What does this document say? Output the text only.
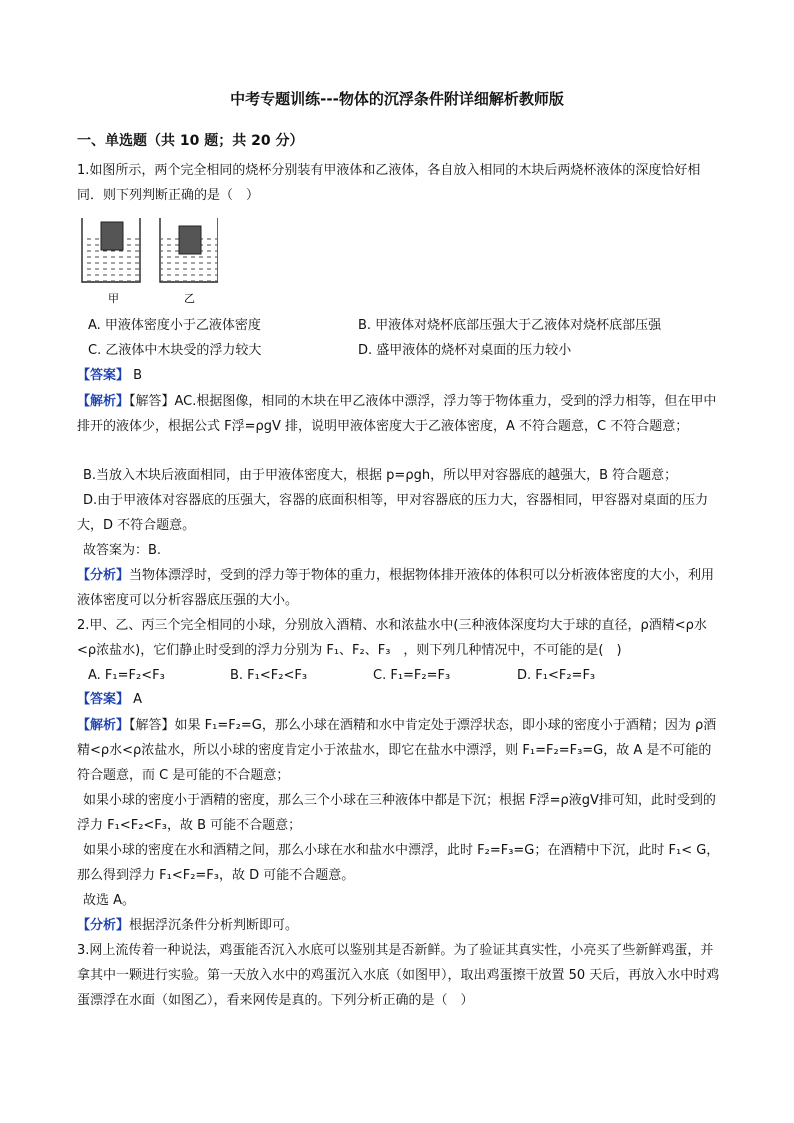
中考专题训练---物体的沉浮条件附详细解析教师版
一、单选题（共 10 题；共 20 分）

1.如图所示，两个完全相同的烧杯分别装有甲液体和乙液体，各自放入相同的木块后两烧杯液体的深度恰好相同．则下列判断正确的是（　）

甲	乙
A. 甲液体密度小于乙液体密度	B. 甲液体对烧杯底部压强大于乙液体对烧杯底部压强
C. 乙液体中木块受的浮力较大	D. 盛甲液体的烧杯对桌面的压力较小
【答案】 B

【解析】【解答】AC.根据图像，相同的木块在甲乙液体中漂浮，浮力等于物体重力，受到的浮力相等，但在甲中排开的液体少，根据公式 F浮=ρgV 排，说明甲液体密度大于乙液体密度，A 不符合题意，C 不符合题意；

B.当放入木块后液面相同，由于甲液体密度大，根据 p=ρgh，所以甲对容器底的越强大，B 符合题意；

D.由于甲液体对容器底的压强大，容器的底面积相等，甲对容器底的压力大，容器相同，甲容器对桌面的压力大，D 不符合题意。

故答案为：B.

【分析】当物体漂浮时，受到的浮力等于物体的重力，根据物体排开液体的体积可以分析液体密度的大小，利用液体密度可以分析容器底压强的大小。

2.甲、乙、丙三个完全相同的小球，分别放入酒精、水和浓盐水中(三种液体深度均大于球的直径，ρ酒精<ρ水<ρ浓盐水)，它们静止时受到的浮力分别为 F₁、F₂、F₃　，则下列几种情况中，不可能的是(　)

A. F₁=F₂<F₃	B. F₁<F₂<F₃	C. F₁=F₂=F₃	D. F₁<F₂=F₃
【答案】 A

【解析】【解答】如果 F₁=F₂=G，那么小球在酒精和水中肯定处于漂浮状态，即小球的密度小于酒精；因为 ρ酒精<ρ水<ρ浓盐水，所以小球的密度肯定小于浓盐水，即它在盐水中漂浮，则 F₁=F₂=F₃=G，故 A 是不可能的符合题意，而 C 是可能的不合题意；

如果小球的密度小于酒精的密度，那么三个小球在三种液体中都是下沉；根据 F浮=ρ液gV排可知，此时受到的浮力 F₁<F₂<F₃，故 B 可能不合题意；

如果小球的密度在水和酒精之间，那么小球在水和盐水中漂浮，此时 F₂=F₃=G；在酒精中下沉，此时 F₁< G，那么得到浮力 F₁<F₂=F₃，故 D 可能不合题意。

故选 A。

【分析】根据浮沉条件分析判断即可。

3.网上流传着一种说法，鸡蛋能否沉入水底可以鉴别其是否新鲜。为了验证其真实性，小亮买了些新鲜鸡蛋，并拿其中一颗进行实验。第一天放入水中的鸡蛋沉入水底（如图甲），取出鸡蛋擦干放置 50 天后，再放入水中时鸡蛋漂浮在水面（如图乙），看来网传是真的。下列分析正确的是（　）
